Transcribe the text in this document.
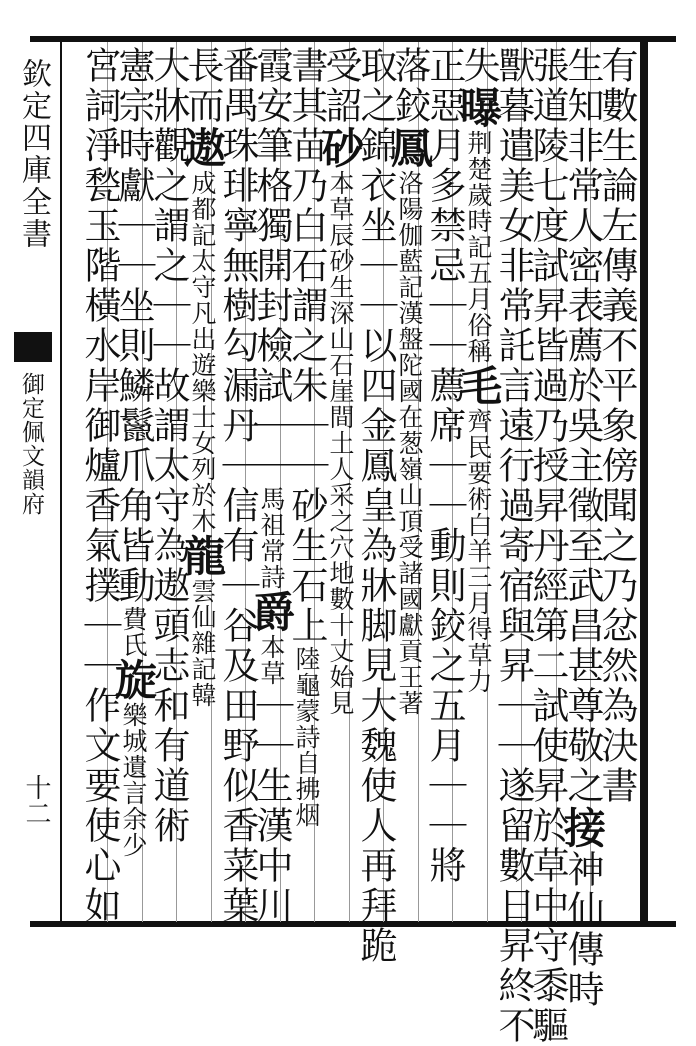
欽定四庫全書
御定佩文韻府
十二	有數生論左傳義不平象傍聞之乃忿然為決書
生知非常人密表薦於吳主徵至武昌甚尊敬之接神仙傳時
張道陵七度試昇皆過乃授昇丹經第二試使昇於草中守黍驅
獸暮遣美女非常託言遠行過寄宿與昇｜｜遂留數日昇終不
失曝荆楚歲時記五月俗稱毛齊民要術白羊三月得草力
正惡月多禁忌｜｜薦席｜｜動則鉸之五月｜｜將
落鉸鳳洛陽伽藍記漢盤陀國在葱嶺山頂受諸國獻貢王著
取之錦衣坐｜｜以四金鳳皇為牀脚見大魏使人再拜跪
受詔砂本草辰砂生深山石崖間土人采之穴地數十丈始見
書其苗乃白石謂之朱｜｜砂生石上陸龜蒙詩自拂烟
霞安筆格獨開封檢試｜｜馬祖常詩爵本草｜｜生漢中川
番禺珠琲寧無樹勾漏丹｜信有｜谷及田野似香菜葉
長而遨成都記太守凡出遊樂士女列於木龍雲仙雜記韓
大牀觀之謂之｜｜故謂太守為遨頭志和有道術
憲宗時獻｜｜坐則鱗鬣爪角皆動費氏旋樂城遺言余少
宮詞淨甃玉階橫水岸御爐香氣撲｜｜作文要使心如
